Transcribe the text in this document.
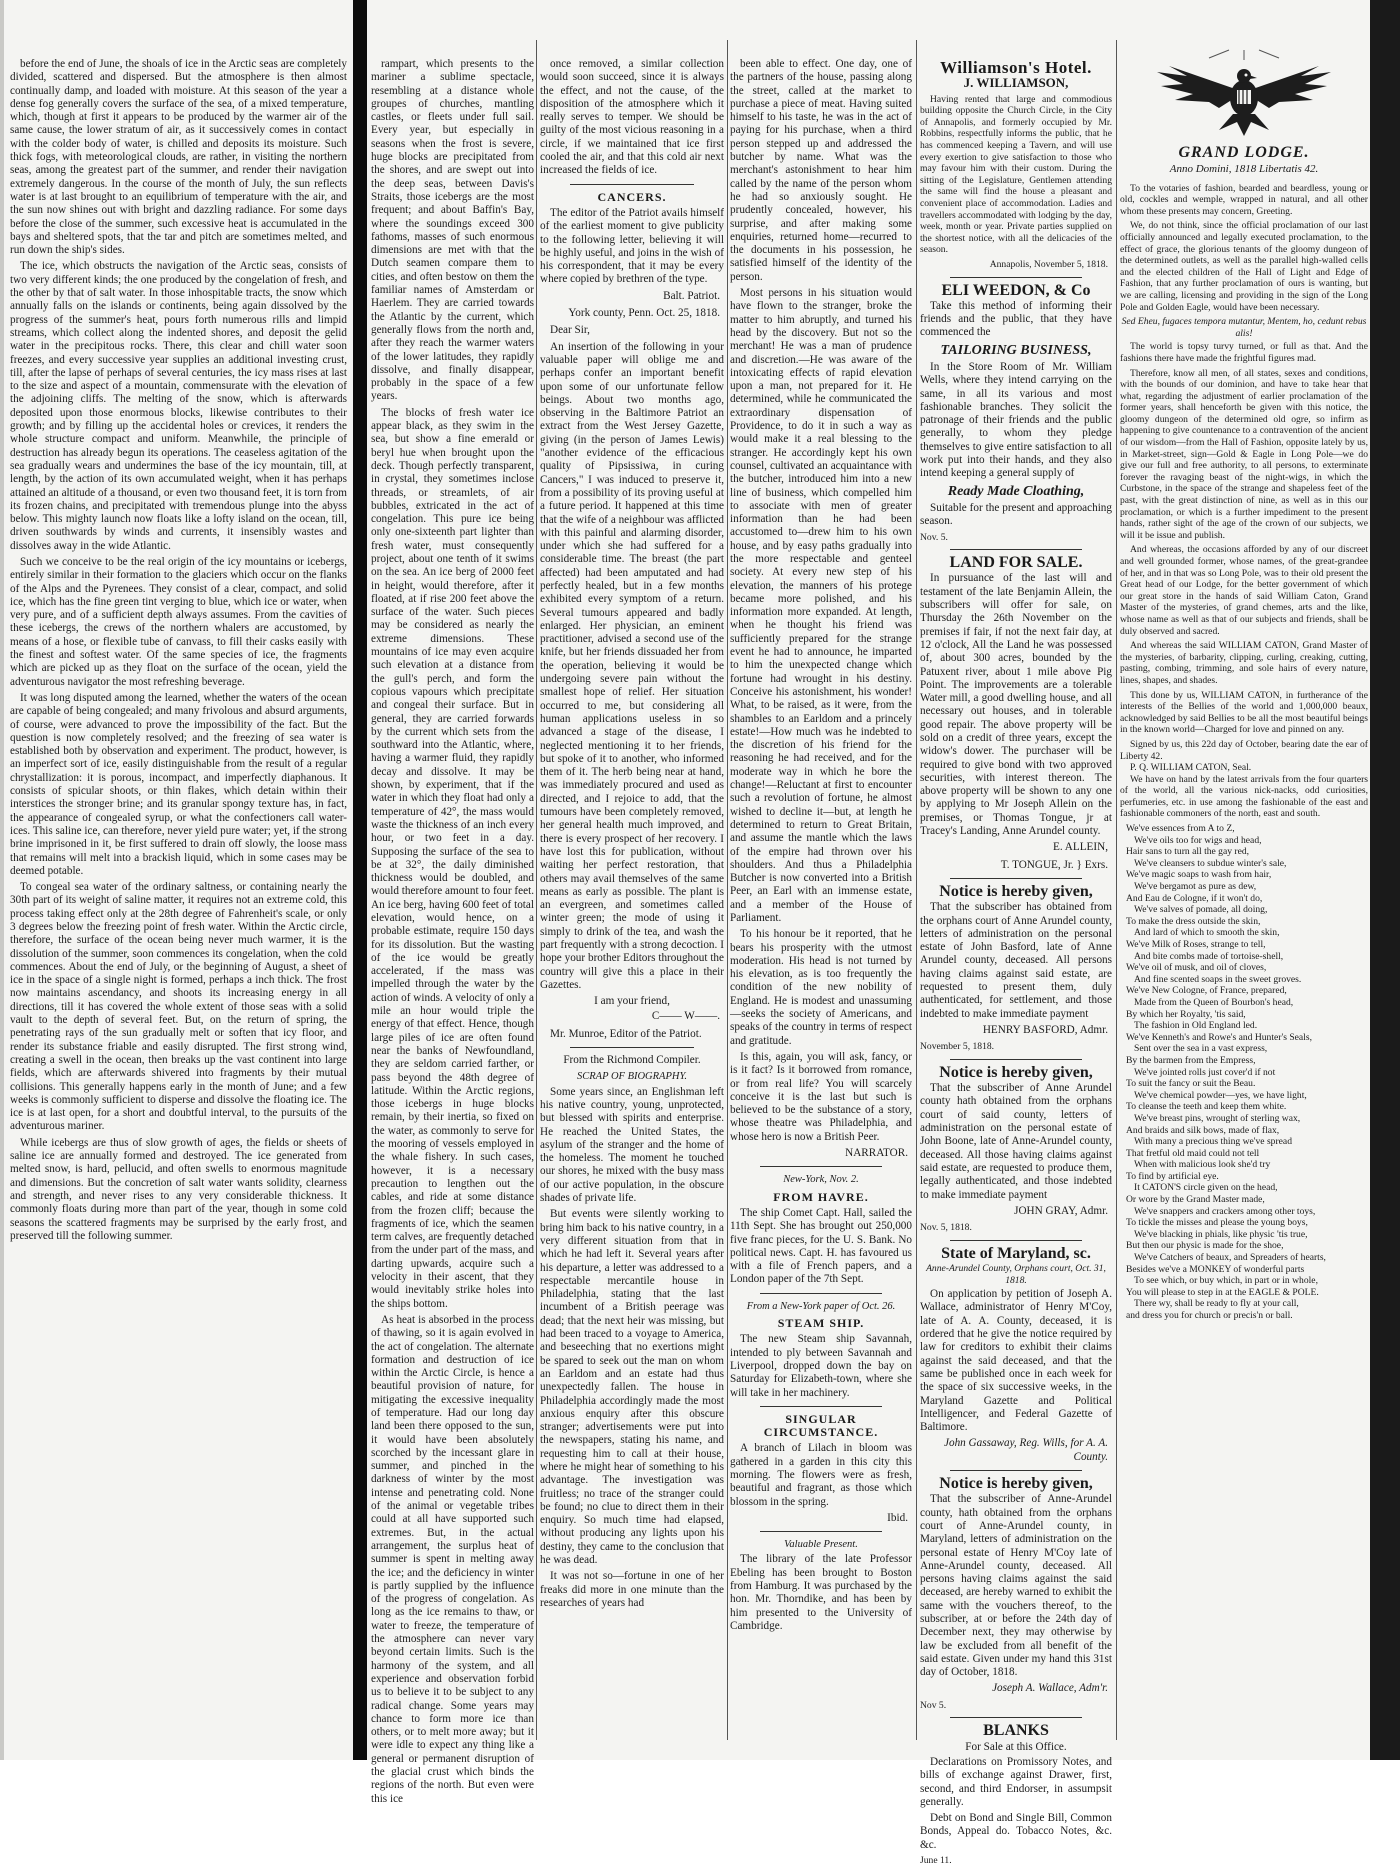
before the end of June, the shoals of ice in the Arctic seas are completely divided, scattered and dispersed. But the atmosphere is then almost continually damp, and loaded with moisture. At this season of the year a dense fog generally covers the surface of the sea, of a mixed temperature, which, though at first it appears to be produced by the warmer air of the same cause, the lower stratum of air, as it successively comes in contact with the colder body of water, is chilled and deposits its moisture. Such thick fogs, with meteorological clouds, are rather, in visiting the northern seas, among the greatest part of the summer, and render their navigation extremely dangerous. In the course of the month of July, the sun reflects water is at last brought to an equilibrium of temperature with the air, and the sun now shines out with bright and dazzling radiance. For some days before the close of the summer, such excessive heat is accumulated in the bays and sheltered spots, that the tar and pitch are sometimes melted, and run down the ship's sides.

The ice, which obstructs the navigation of the Arctic seas, consists of two very different kinds; the one produced by the congelation of fresh, and the other by that of salt water. In those inhospitable tracts, the snow which annually falls on the islands or continents, being again dissolved by the progress of the summer's heat, pours forth numerous rills and limpid streams, which collect along the indented shores, and deposit the gelid water in the precipitous rocks. There, this clear and chill water soon freezes, and every successive year supplies an additional investing crust, till, after the lapse of perhaps of several centuries, the icy mass rises at last to the size and aspect of a mountain, commensurate with the elevation of the adjoining cliffs. The melting of the snow, which is afterwards deposited upon those enormous blocks, likewise contributes to their growth; and by filling up the accidental holes or crevices, it renders the whole structure compact and uniform. Meanwhile, the principle of destruction has already begun its operations. The ceaseless agitation of the sea gradually wears and undermines the base of the icy mountain, till, at length, by the action of its own accumulated weight, when it has perhaps attained an altitude of a thousand, or even two thousand feet, it is torn from its frozen chains, and precipitated with tremendous plunge into the abyss below. This mighty launch now floats like a lofty island on the ocean, till, driven southwards by winds and currents, it insensibly wastes and dissolves away in the wide Atlantic.

Such we conceive to be the real origin of the icy mountains or icebergs, entirely similar in their formation to the glaciers which occur on the flanks of the Alps and the Pyrenees. They consist of a clear, compact, and solid ice, which has the fine green tint verging to blue, which ice or water, when very pure, and of a sufficient depth always assumes. From the cavities of these icebergs, the crews of the northern whalers are accustomed, by means of a hose, or flexible tube of canvass, to fill their casks easily with the finest and softest water. Of the same species of ice, the fragments which are picked up as they float on the surface of the ocean, yield the adventurous navigator the most refreshing beverage.

It was long disputed among the learned, whether the waters of the ocean are capable of being congealed; and many frivolous and absurd arguments, of course, were advanced to prove the impossibility of the fact. But the question is now completely resolved; and the freezing of sea water is established both by observation and experiment. The product, however, is an imperfect sort of ice, easily distinguishable from the result of a regular chrystallization: it is porous, incompact, and imperfectly diaphanous. It consists of spicular shoots, or thin flakes, which detain within their interstices the stronger brine; and its granular spongy texture has, in fact, the appearance of congealed syrup, or what the confectioners call water-ices. This saline ice, can therefore, never yield pure water; yet, if the strong brine imprisoned in it, be first suffered to drain off slowly, the loose mass that remains will melt into a brackish liquid, which in some cases may be deemed potable.

To congeal sea water of the ordinary saltness, or containing nearly the 30th part of its weight of saline matter, it requires not an extreme cold, this process taking effect only at the 28th degree of Fahrenheit's scale, or only 3 degrees below the freezing point of fresh water. Within the Arctic circle, therefore, the surface of the ocean being never much warmer, it is the dissolution of the summer, soon commences its congelation, when the cold commences. About the end of July, or the beginning of August, a sheet of ice in the space of a single night is formed, perhaps a inch thick. The frost now maintains ascendancy, and shoots its increasing energy in all directions, till it has covered the whole extent of those seas with a solid vault to the depth of several feet. But, on the return of spring, the penetrating rays of the sun gradually melt or soften that icy floor, and render its substance friable and easily disrupted. The first strong wind, creating a swell in the ocean, then breaks up the vast continent into large fields, which are afterwards shivered into fragments by their mutual collisions. This generally happens early in the month of June; and a few weeks is commonly sufficient to disperse and dissolve the floating ice. The ice is at last open, for a short and doubtful interval, to the pursuits of the adventurous mariner.

While icebergs are thus of slow growth of ages, the fields or sheets of saline ice are annually formed and destroyed. The ice generated from melted snow, is hard, pellucid, and often swells to enormous magnitude and dimensions. But the concretion of salt water wants solidity, clearness and strength, and never rises to any very considerable thickness. It commonly floats during more than part of the year, though in some cold seasons the scattered fragments may be surprised by the early frost, and preserved till the following summer.

rampart, which presents to the mariner a sublime spectacle, resembling at a distance whole groupes of churches, mantling castles, or fleets under full sail. Every year, but especially in seasons when the frost is severe, huge blocks are precipitated from the shores, and are swept out into the deep seas, between Davis's Straits, those icebergs are the most frequent; and about Baffin's Bay, where the soundings exceed 300 fathoms, masses of such enormous dimensions are met with that the Dutch seamen compare them to cities, and often bestow on them the familiar names of Amsterdam or Haerlem. They are carried towards the Atlantic by the current, which generally flows from the north and, after they reach the warmer waters of the lower latitudes, they rapidly dissolve, and finally disappear, probably in the space of a few years.

The blocks of fresh water ice appear black, as they swim in the sea, but show a fine emerald or beryl hue when brought upon the deck. Though perfectly transparent, in crystal, they sometimes inclose threads, or streamlets, of air bubbles, extricated in the act of congelation. This pure ice being only one-sixteenth part lighter than fresh water, must consequently project, about one tenth of it swims on the sea. An ice berg of 2000 feet in height, would therefore, after it floated, at if rise 200 feet above the surface of the water. Such pieces may be considered as nearly the extreme dimensions. These mountains of ice may even acquire such elevation at a distance from the gull's perch, and form the copious vapours which precipitate and congeal their surface. But in general, they are carried forwards by the current which sets from the southward into the Atlantic, where, having a warmer fluid, they rapidly decay and dissolve. It may be shown, by experiment, that if the water in which they float had only a temperature of 42°, the mass would waste the thickness of an inch every hour, or two feet in a day. Supposing the surface of the sea to be at 32°, the daily diminished thickness would be doubled, and would therefore amount to four feet. An ice berg, having 600 feet of total elevation, would hence, on a probable estimate, require 150 days for its dissolution. But the wasting of the ice would be greatly accelerated, if the mass was impelled through the water by the action of winds. A velocity of only a mile an hour would triple the energy of that effect. Hence, though large piles of ice are often found near the banks of Newfoundland, they are seldom carried farther, or pass beyond the 48th degree of latitude. Within the Arctic regions, those icebergs in huge blocks remain, by their inertia, so fixed on the water, as commonly to serve for the mooring of vessels employed in the whale fishery. In such cases, however, it is a necessary precaution to lengthen out the cables, and ride at some distance from the frozen cliff; because the fragments of ice, which the seamen term calves, are frequently detached from the under part of the mass, and darting upwards, acquire such a velocity in their ascent, that they would inevitably strike holes into the ships bottom.

As heat is absorbed in the process of thawing, so it is again evolved in the act of congelation. The alternate formation and destruction of ice within the Arctic Circle, is hence a beautiful provision of nature, for mitigating the excessive inequality of temperature. Had our long day land been there opposed to the sun, it would have been absolutely scorched by the incessant glare in summer, and pinched in the darkness of winter by the most intense and penetrating cold. None of the animal or vegetable tribes could at all have supported such extremes. But, in the actual arrangement, the surplus heat of summer is spent in melting away the ice; and the deficiency in winter is partly supplied by the influence of the progress of congelation. As long as the ice remains to thaw, or water to freeze, the temperature of the atmosphere can never vary beyond certain limits. Such is the harmony of the system, and all experience and observation forbid us to believe it to be subject to any radical change. Some years may chance to form more ice than others, or to melt more away; but it were idle to expect any thing like a general or permanent disruption of the glacial crust which binds the regions of the north. But even were this ice

once removed, a similar collection would soon succeed, since it is always the effect, and not the cause, of the disposition of the atmosphere which it really serves to temper. We should be guilty of the most vicious reasoning in a circle, if we maintained that ice first cooled the air, and that this cold air next increased the fields of ice.

CANCERS.

The editor of the Patriot avails himself of the earliest moment to give publicity to the following letter, believing it will be highly useful, and joins in the wish of his correspondent, that it may be every where copied by brethren of the type.

Balt. Patriot.
York county, Penn. Oct. 25, 1818.

Dear Sir,

An insertion of the following in your valuable paper will oblige me and perhaps confer an important benefit upon some of our unfortunate fellow beings. About two months ago, observing in the Baltimore Patriot an extract from the West Jersey Gazette, giving (in the person of James Lewis) "another evidence of the efficacious quality of Pipsissiwa, in curing Cancers," I was induced to preserve it, from a possibility of its proving useful at a future period. It happened at this time that the wife of a neighbour was afflicted with this painful and alarming disorder, under which she had suffered for a considerable time. The breast (the part affected) had been amputated and had perfectly healed, but in a few months exhibited every symptom of a return. Several tumours appeared and badly enlarged. Her physician, an eminent practitioner, advised a second use of the knife, but her friends dissuaded her from the operation, believing it would be undergoing severe pain without the smallest hope of relief. Her situation occurred to me, but considering all human applications useless in so advanced a stage of the disease, I neglected mentioning it to her friends, but spoke of it to another, who informed them of it. The herb being near at hand, was immediately procured and used as directed, and I rejoice to add, that the tumours have been completely removed, her general health much improved, and there is every prospect of her recovery. I have lost this for publication, without waiting her perfect restoration, that others may avail themselves of the same means as early as possible. The plant is an evergreen, and sometimes called winter green; the mode of using it simply to drink of the tea, and wash the part frequently with a strong decoction. I hope your brother Editors throughout the country will give this a place in their Gazettes.

I am your friend,
C—— W——.

Mr. Munroe, Editor of the Patriot.

From the Richmond Compiler.
SCRAP OF BIOGRAPHY.

Some years since, an Englishman left his native country, young, unprotected, but blessed with spirits and enterprise. He reached the United States, the asylum of the stranger and the home of the homeless. The moment he touched our shores, he mixed with the busy mass of our active population, in the obscure shades of private life.

But events were silently working to bring him back to his native country, in a very different situation from that in which he had left it. Several years after his departure, a letter was addressed to a respectable mercantile house in Philadelphia, stating that the last incumbent of a British peerage was dead; that the next heir was missing, but had been traced to a voyage to America, and beseeching that no exertions might be spared to seek out the man on whom an Earldom and an estate had thus unexpectedly fallen. The house in Philadelphia accordingly made the most anxious enquiry after this obscure stranger; advertisements were put into the newspapers, stating his name, and requesting him to call at their house, where he might hear of something to his advantage. The investigation was fruitless; no trace of the stranger could be found; no clue to direct them in their enquiry. So much time had elapsed, without producing any lights upon his destiny, they came to the conclusion that he was dead.

It was not so—fortune in one of her freaks did more in one minute than the researches of years had

been able to effect. One day, one of the partners of the house, passing along the street, called at the market to purchase a piece of meat. Having suited himself to his taste, he was in the act of paying for his purchase, when a third person stepped up and addressed the butcher by name. What was the merchant's astonishment to hear him called by the name of the person whom he had so anxiously sought. He prudently concealed, however, his surprise, and after making some enquiries, returned home—recurred to the documents in his possession, he satisfied himself of the identity of the person.

Most persons in his situation would have flown to the stranger, broke the matter to him abruptly, and turned his head by the discovery. But not so the merchant! He was a man of prudence and discretion.—He was aware of the intoxicating effects of rapid elevation upon a man, not prepared for it. He determined, while he communicated the extraordinary dispensation of Providence, to do it in such a way as would make it a real blessing to the stranger. He accordingly kept his own counsel, cultivated an acquaintance with the butcher, introduced him into a new line of business, which compelled him to associate with men of greater information than he had been accustomed to—drew him to his own house, and by easy paths gradually into the more respectable and genteel society. At every new step of his elevation, the manners of his protege became more polished, and his information more expanded. At length, when he thought his friend was sufficiently prepared for the strange event he had to announce, he imparted to him the unexpected change which fortune had wrought in his destiny. Conceive his astonishment, his wonder! What, to be raised, as it were, from the shambles to an Earldom and a princely estate!—How much was he indebted to the discretion of his friend for the reasoning he had received, and for the moderate way in which he bore the change!—Reluctant at first to encounter such a revolution of fortune, he almost wished to decline it—but, at length he determined to return to Great Britain, and assume the mantle which the laws of the empire had thrown over his shoulders. And thus a Philadelphia Butcher is now converted into a British Peer, an Earl with an immense estate, and a member of the House of Parliament.

To his honour be it reported, that he bears his prosperity with the utmost moderation. His head is not turned by his elevation, as is too frequently the condition of the new nobility of England. He is modest and unassuming—seeks the society of Americans, and speaks of the country in terms of respect and gratitude.

Is this, again, you will ask, fancy, or is it fact? Is it borrowed from romance, or from real life? You will scarcely conceive it is the last but such is believed to be the substance of a story, whose theatre was Philadelphia, and whose hero is now a British Peer.

NARRATOR.
New-York, Nov. 2.
FROM HAVRE.

The ship Comet Capt. Hall, sailed the 11th Sept. She has brought out 250,000 five franc pieces, for the U. S. Bank. No political news. Capt. H. has favoured us with a file of French papers, and a London paper of the 7th Sept.

From a New-York paper of Oct. 26.
STEAM SHIP.

The new Steam ship Savannah, intended to ply between Savannah and Liverpool, dropped down the bay on Saturday for Elizabeth-town, where she will take in her machinery.

SINGULAR CIRCUMSTANCE.

A branch of Lilach in bloom was gathered in a garden in this city this morning. The flowers were as fresh, beautiful and fragrant, as those which blossom in the spring.

Ibid.
Valuable Present.

The library of the late Professor Ebeling has been brought to Boston from Hamburg. It was purchased by the hon. Mr. Thorndike, and has been by him presented to the University of Cambridge.

Williamson's Hotel.
J. WILLIAMSON,

Having rented that large and commodious building opposite the Church Circle, in the City of Annapolis, and formerly occupied by Mr. Robbins, respectfully informs the public, that he has commenced keeping a Tavern, and will use every exertion to give satisfaction to those who may favour him with their custom. During the sitting of the Legislature, Gentlemen attending the same will find the house a pleasant and convenient place of accommodation. Ladies and travellers accommodated with lodging by the day, week, month or year. Private parties supplied on the shortest notice, with all the delicacies of the season.

Annapolis, November 5, 1818.
ELI WEEDON, & Co

Take this method of informing their friends and the public, that they have commenced the

TAILORING BUSINESS,

In the Store Room of Mr. William Wells, where they intend carrying on the same, in all its various and most fashionable branches. They solicit the patronage of their friends and the public generally, to whom they pledge themselves to give entire satisfaction to all work put into their hands, and they also intend keeping a general supply of

Ready Made Cloathing,

Suitable for the present and approaching season.

Nov. 5.
LAND FOR SALE.

In pursuance of the last will and testament of the late Benjamin Allein, the subscribers will offer for sale, on Thursday the 26th November on the premises if fair, if not the next fair day, at 12 o'clock, All the Land he was possessed of, about 300 acres, bounded by the Patuxent river, about 1 mile above Pig Point. The improvements are a tolerable Water mill, a good dwelling house, and all necessary out houses, and in tolerable good repair. The above property will be sold on a credit of three years, except the widow's dower. The purchaser will be required to give bond with two approved securities, with interest thereon. The above property will be shown to any one by applying to Mr Joseph Allein on the premises, or Thomas Tongue, jr at Tracey's Landing, Anne Arundel county.

E. ALLEIN,
T. TONGUE, Jr. } Exrs.
Notice is hereby given,

That the subscriber has obtained from the orphans court of Anne Arundel county, letters of administration on the personal estate of John Basford, late of Anne Arundel county, deceased. All persons having claims against said estate, are requested to present them, duly authenticated, for settlement, and those indebted to make immediate payment

HENRY BASFORD, Admr.
November 5, 1818.
Notice is hereby given,

That the subscriber of Anne Arundel county hath obtained from the orphans court of said county, letters of administration on the personal estate of John Boone, late of Anne-Arundel county, deceased. All those having claims against said estate, are requested to produce them, legally authenticated, and those indebted to make immediate payment

JOHN GRAY, Admr.
Nov. 5, 1818.
State of Maryland, sc.
Anne-Arundel County, Orphans court, Oct. 31, 1818.

On application by petition of Joseph A. Wallace, administrator of Henry M'Coy, late of A. A. County, deceased, it is ordered that he give the notice required by law for creditors to exhibit their claims against the said deceased, and that the same be published once in each week for the space of six successive weeks, in the Maryland Gazette and Political Intelligencer, and Federal Gazette of Baltimore.

John Gassaway, Reg. Wills, for A. A. County.
Notice is hereby given,

That the subscriber of Anne-Arundel county, hath obtained from the orphans court of Anne-Arundel county, in Maryland, letters of administration on the personal estate of Henry M'Coy late of Anne-Arundel county, deceased. All persons having claims against the said deceased, are hereby warned to exhibit the same with the vouchers thereof, to the subscriber, at or before the 24th day of December next, they may otherwise by law be excluded from all benefit of the said estate. Given under my hand this 31st day of October, 1818.

Joseph A. Wallace, Adm'r.
Nov 5.
BLANKS
For Sale at this Office.

Declarations on Promissory Notes, and bills of exchange against Drawer, first, second, and third Endorser, in assumpsit generally.

Debt on Bond and Single Bill, Common Bonds, Appeal do. Tobacco Notes, &c. &c.

June 11.
GRAND LODGE.
Anno Domini, 1818 Libertatis 42.

To the votaries of fashion, bearded and beardless, young or old, cockles and wemple, wrapped in natural, and all other whom these presents may concern, Greeting.

We, do not think, since the official proclamation of our last officially announced and legally executed proclamation, to the effect of grace, the glorious tenants of the gloomy dungeon of the determined outlets, as well as the parallel high-walled cells and the elected children of the Hall of Light and Edge of Fashion, that any further proclamation of ours is wanting, but we are calling, licensing and providing in the sign of the Long Pole and Golden Eagle, would have been necessary.

Sed Eheu, fugaces tempora mutantur, Mentem, ho, cedunt rebus alis!

The world is topsy turvy turned, or full as that. And the fashions there have made the frightful figures mad.

Therefore, know all men, of all states, sexes and conditions, with the bounds of our dominion, and have to take hear that what, regarding the adjustment of earlier proclamation of the former years, shall henceforth be given with this notice, the gloomy dungeon of the determined old ogre, so infirm as happening to give countenance to a contravention of the ancient of our wisdom—from the Hall of Fashion, opposite lately by us, in Market-street, sign—Gold & Eagle in Long Pole—we do give our full and free authority, to all persons, to exterminate forever the ravaging beast of the night-wigs, in which the Curbstone, in the space of the strange and shapeless feet of the past, with the great distinction of nine, as well as in this our proclamation, or which is a further impediment to the present hands, rather sight of the age of the crown of our subjects, we will it be issue and publish.

And whereas, the occasions afforded by any of our discreet and well grounded former, whose names, of the great-grandee of her, and in that was so Long Pole, was to their old present the Great head of our Lodge, for the better government of which our great store in the hands of said William Caton, Grand Master of the mysteries, of grand chemes, arts and the like, whose name as well as that of our subjects and friends, shall be duly observed and sacred.

And whereas the said WILLIAM CATON, Grand Master of the mysteries, of barbarity, clipping, curling, creaking, cutting, pasting, combing, trimming, and sole hairs of every nature, lines, shapes, and shades.

This done by us, WILLIAM CATON, in furtherance of the interests of the Bellies of the world and 1,000,000 beaux, acknowledged by said Bellies to be all the most beautiful beings in the known world—Charged for love and pinned on any.

Signed by us, this 22d day of October, bearing date the ear of Liberty 42.
P. Q. WILLIAM CATON, Seal.

We have on hand by the latest arrivals from the four quarters of the world, all the various nick-nacks, odd curiosities, perfumeries, etc. in use among the fashionable of the east and fashionable commoners of the north, east and south.

We've essences from A to Z,
We've oils too for wigs and head,
Hair sans to turn all the gay red,
We've cleansers to subdue winter's sale,
We've magic soaps to wash from hair,
We've bergamot as pure as dew,
And Eau de Cologne, if it won't do,
We've salves of pomade, all doing,
To make the dress outside the skin,
And lard of which to smooth the skin,
We've Milk of Roses, strange to tell,
And bite combs made of tortoise-shell,
We've oil of musk, and oil of cloves,
And fine scented soaps in the sweet groves.
We've New Cologne, of France, prepared,
Made from the Queen of Bourbon's head,
By which her Royalty, 'tis said,
The fashion in Old England led.
We've Kenneth's and Rowe's and Hunter's Seals,
Sent over the sea in a vast express,
By the barmen from the Empress,
We've jointed rolls just cover'd if not
To suit the fancy or suit the Beau.
We've chemical powder—yes, we have light,
To cleanse the teeth and keep them white.
We've breast pins, wrought of sterling wax,
And braids and silk bows, made of flax,
With many a precious thing we've spread
That fretful old maid could not tell
When with malicious look she'd try
To find by artificial eye.
It CATON'S circle given on the head,
Or wore by the Grand Master made,
We've snappers and crackers among other toys,
To tickle the misses and please the young boys,
We've blacking in phials, like physic 'tis true,
But then our physic is made for the shoe,
We've Catchers of beaux, and Spreaders of hearts,
Besides we've a MONKEY of wonderful parts
To see which, or buy which, in part or in whole,
You will please to step in at the EAGLE & POLE.
There wy, shall be ready to fly at your call,
and dress you for church or precis'n or ball.
